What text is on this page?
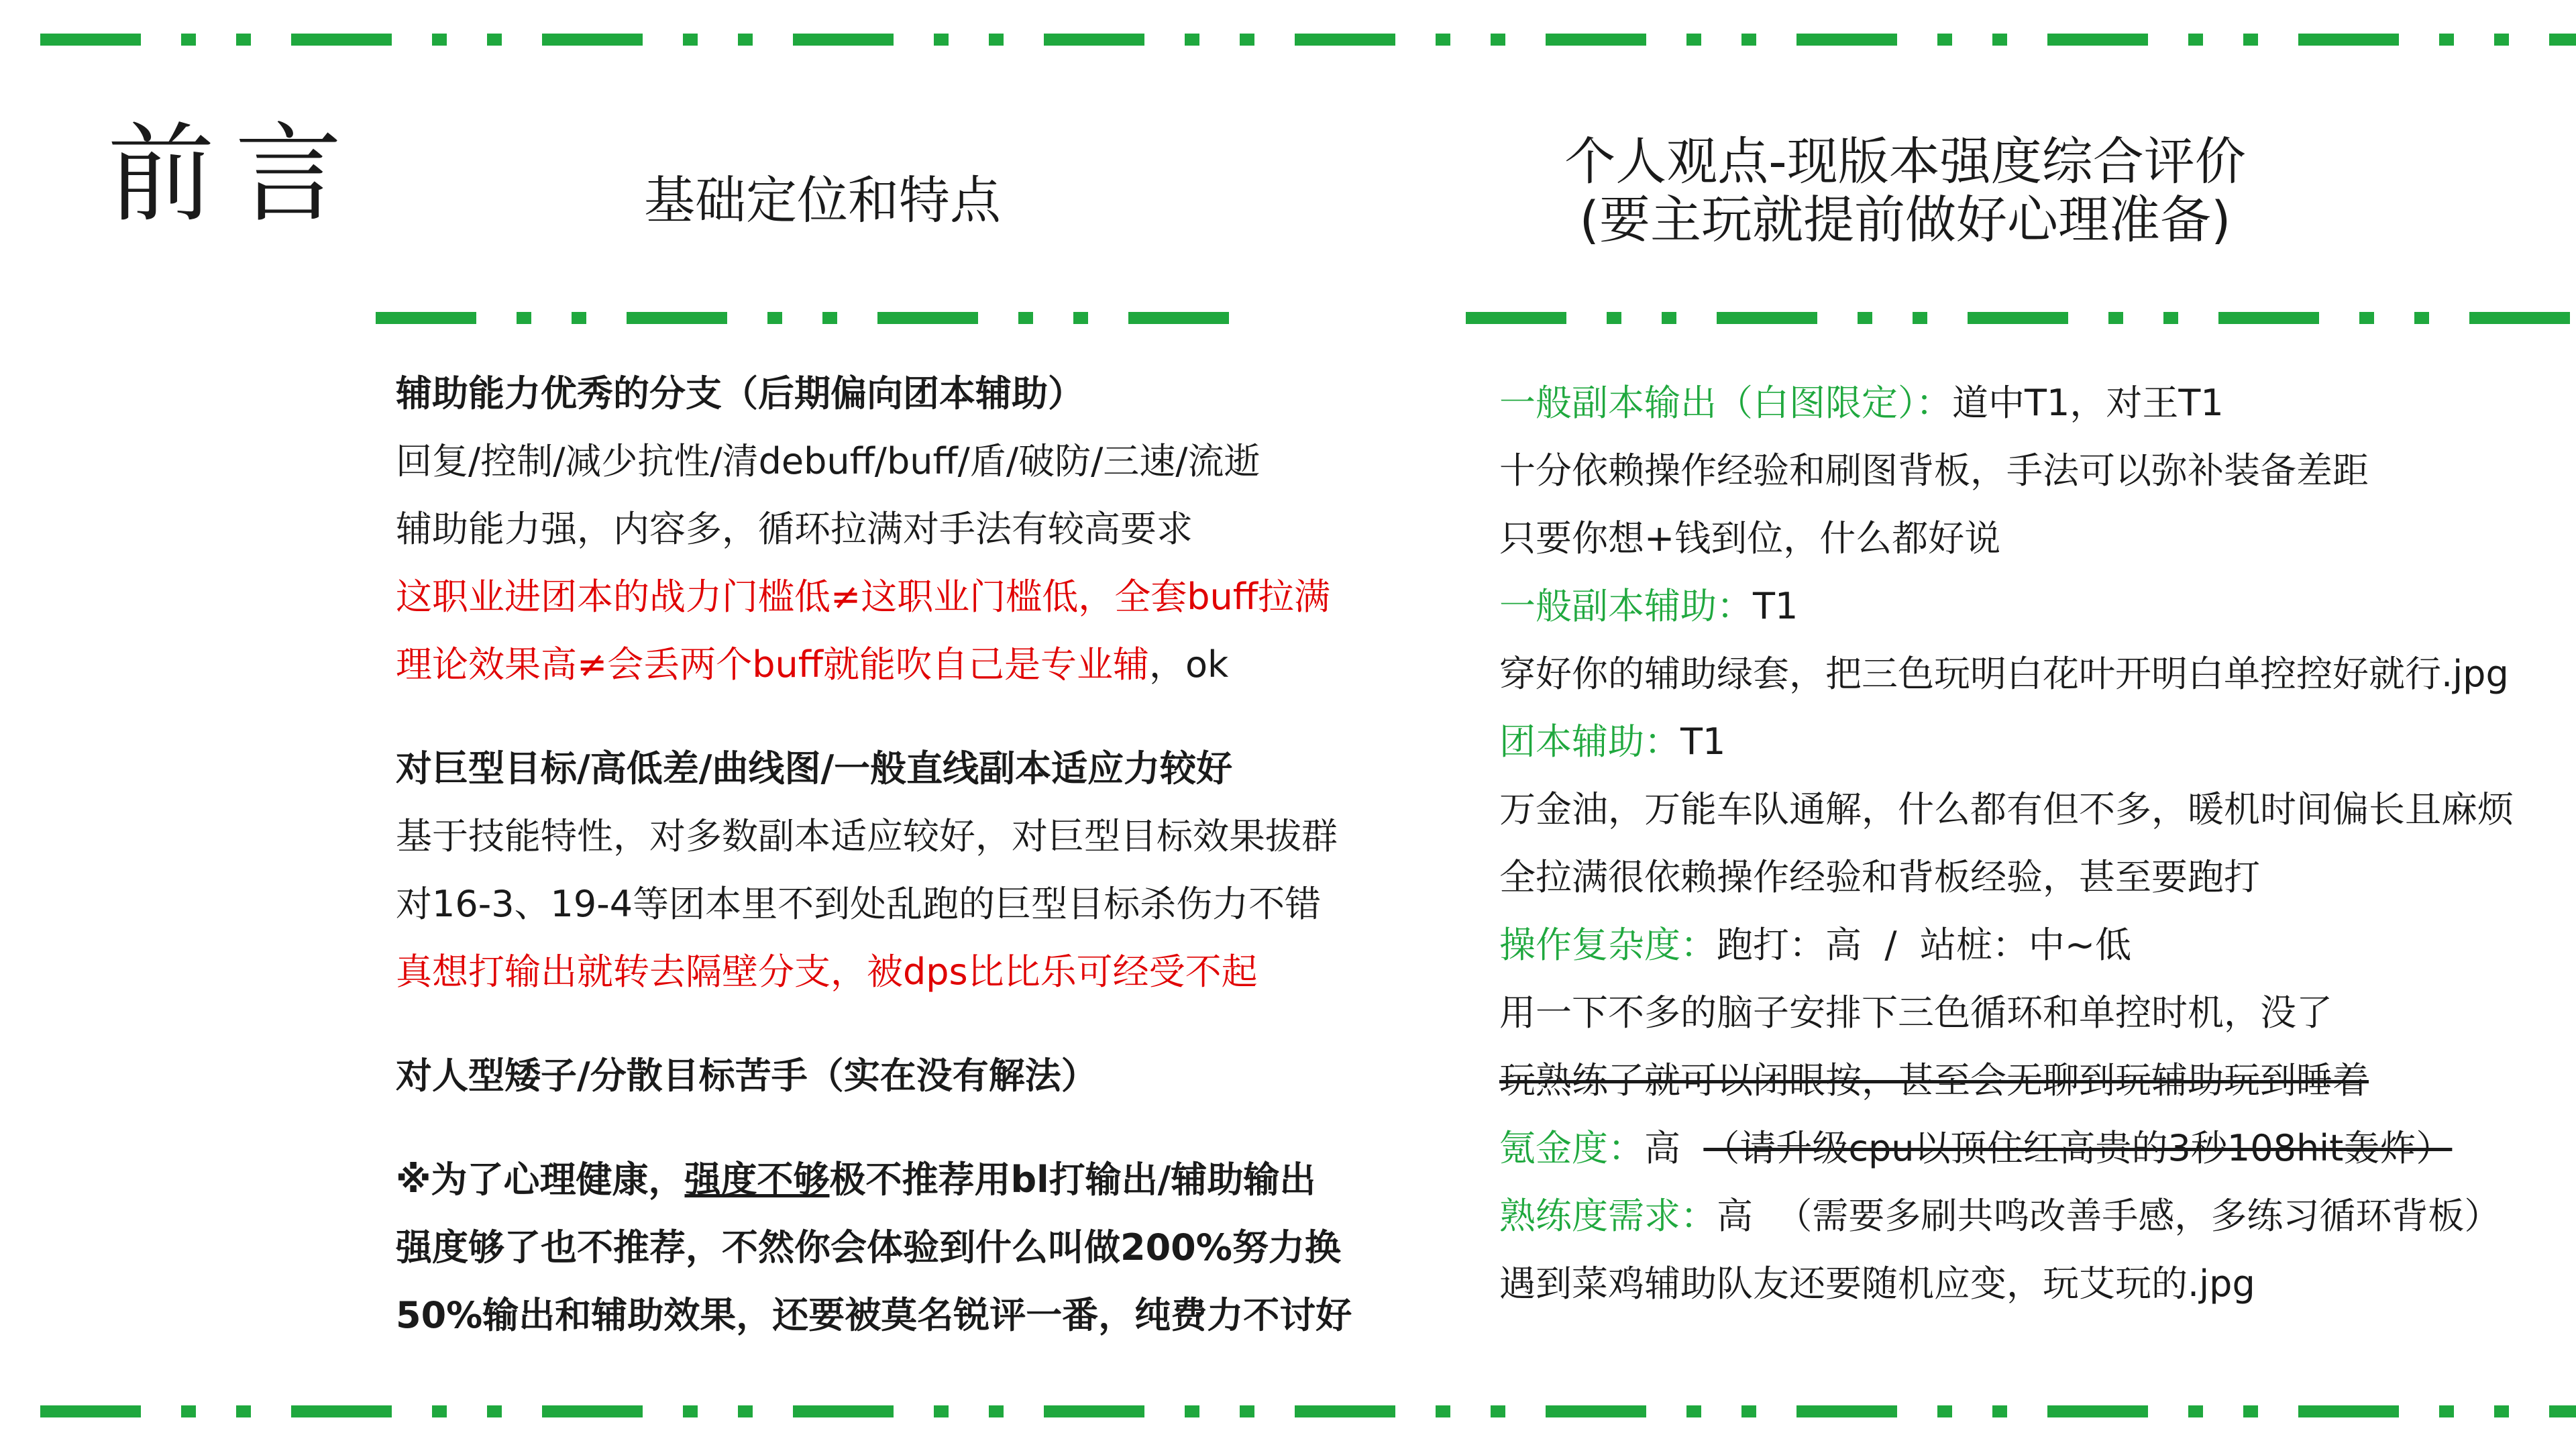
前言	基础定位和特点
个人观点-现版本强度综合评价
(要主玩就提前做好心理准备)
辅助能力优秀的分支（后期偏向团本辅助）
回复/控制/减少抗性/清debuff/buff/盾/破防/三速/流逝
辅助能力强，内容多，循环拉满对手法有较高要求
这职业进团本的战力门槛低≠这职业门槛低，全套buff拉满
理论效果高≠会丢两个buff就能吹自己是专业辅，ok
对巨型目标/高低差/曲线图/一般直线副本适应力较好
基于技能特性，对多数副本适应较好，对巨型目标效果拔群
对16-3、19-4等团本里不到处乱跑的巨型目标杀伤力不错
真想打输出就转去隔壁分支，被dps比比乐可经受不起
对人型矮子/分散目标苦手（实在没有解法）
※为了心理健康，强度不够极不推荐用bl打输出/辅助输出
强度够了也不推荐，不然你会体验到什么叫做200%努力换
50%输出和辅助效果，还要被莫名锐评一番，纯费力不讨好
一般副本输出（白图限定）：道中T1，对王T1
十分依赖操作经验和刷图背板，手法可以弥补装备差距
只要你想+钱到位，什么都好说
一般副本辅助：T1
穿好你的辅助绿套，把三色玩明白花叶开明白单控控好就行.jpg
团本辅助：T1
万金油，万能车队通解，什么都有但不多，暖机时间偏长且麻烦
全拉满很依赖操作经验和背板经验，甚至要跑打
操作复杂度：跑打：高  /  站桩：中~低
用一下不多的脑子安排下三色循环和单控时机，没了
玩熟练了就可以闭眼按，甚至会无聊到玩辅助玩到睡着
氪金度：高 （请升级cpu以顶住红高贵的3秒108hit轰炸）
熟练度需求：高 （需要多刷共鸣改善手感，多练习循环背板）
遇到菜鸡辅助队友还要随机应变，玩艾玩的.jpg
